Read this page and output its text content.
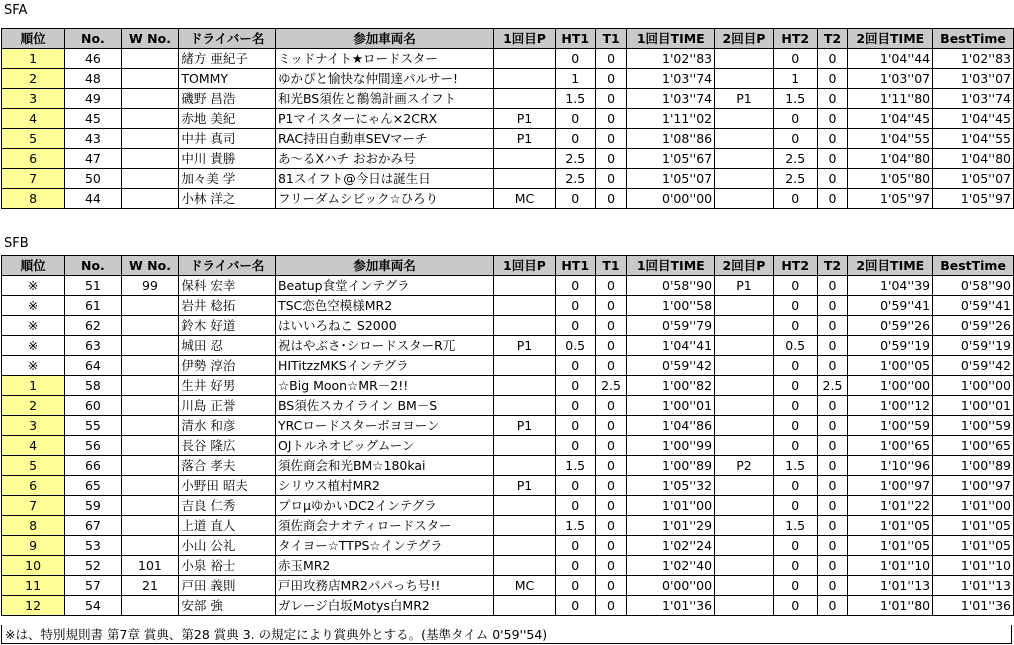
SFA
順位	No.	W No.	ドライバー名	参加車両名	1回目P	HT1	T1	1回目TIME	2回目P	HT2	T2	2回目TIME	BestTime
1	46		緒方 亜紀子	ミッドナイト★ロードスター		0	0	1'02''83		0	0	1'04''44	1'02''83
2	48		TOMMY	ゆかぴと愉快な仲間達パルサー!		1	0	1'03''74		1	0	1'03''07	1'03''07
3	49		磯野 昌浩	和光BS須佐と鶺鴒計画スイフト		1.5	0	1'03''74	P1	1.5	0	1'11''80	1'03''74
4	45		赤地 美紀	P1マイスターにゃん×2CRX	P1	0	0	1'11''02		0	0	1'04''45	1'04''45
5	43		中井 真司	RAC持田自動車SEVマーチ	P1	0	0	1'08''86		0	0	1'04''55	1'04''55
6	47		中川 貴勝	あ～るXハチ おおかみ号		2.5	0	1'05''67		2.5	0	1'04''80	1'04''80
7	50		加々美 学	81スイフト@今日は誕生日		2.5	0	1'05''07		2.5	0	1'05''80	1'05''07
8	44		小林 洋之	フリーダムシビック☆ひろり	MC	0	0	0'00''00		0	0	1'05''97	1'05''97
SFB
順位	No.	W No.	ドライバー名	参加車両名	1回目P	HT1	T1	1回目TIME	2回目P	HT2	T2	2回目TIME	BestTime
※	51	99	保科 宏幸	Beatup食堂インテグラ		0	0	0'58''90	P1	0	0	1'04''39	0'58''90
※	61		岩井 稔拓	TSC恋色空模様MR2		0	0	1'00''58		0	0	0'59''41	0'59''41
※	62		鈴木 好道	はいいろねこ S2000		0	0	0'59''79		0	0	0'59''26	0'59''26
※	63		城田 忍	祝はやぶさ･シロードスターR兀	P1	0.5	0	1'04''41		0.5	0	0'59''19	0'59''19
※	64		伊勢 淳治	HITitzzMKSインテグラ		0	0	0'59''42		0	0	1'00''05	0'59''42
1	58		生井 好男	☆Big Moon☆MR－2!!		0	2.5	1'00''82		0	2.5	1'00''00	1'00''00
2	60		川島 正誉	BS須佐スカイライン BM－S		0	0	1'00''01		0	0	1'00''12	1'00''01
3	55		清水 和彦	YRCロードスターボヨヨーン	P1	0	0	1'04''86		0	0	1'00''59	1'00''59
4	56		長谷 隆広	OJトルネオビッグムーン		0	0	1'00''99		0	0	1'00''65	1'00''65
5	66		落合 孝夫	須佐商会和光BM☆180kai		1.5	0	1'00''89	P2	1.5	0	1'10''96	1'00''89
6	65		小野田 昭夫	シリウス植村MR2	P1	0	0	1'05''32		0	0	1'00''97	1'00''97
7	59		吉良 仁秀	プロμゆかいDC2インテグラ		0	0	1'01''00		0	0	1'01''22	1'01''00
8	67		上道 直人	須佐商会ナオティロードスター		1.5	0	1'01''29		1.5	0	1'01''05	1'01''05
9	53		小山 公礼	タイヨー☆TTPS☆インテグラ		0	0	1'02''24		0	0	1'01''05	1'01''05
10	52	101	小泉 裕士	赤玉MR2		0	0	1'02''40		0	0	1'01''10	1'01''10
11	57	21	戸田 義則	戸田攻務店MR2パパっち号!!	MC	0	0	0'00''00		0	0	1'01''13	1'01''13
12	54		安部 強	ガレージ白坂Motys白MR2		0	0	1'01''36		0	0	1'01''80	1'01''36
※は、特別規則書 第7章 賞典、第28 賞典 3. の規定により賞典外とする。(基準タイム 0'59''54)
